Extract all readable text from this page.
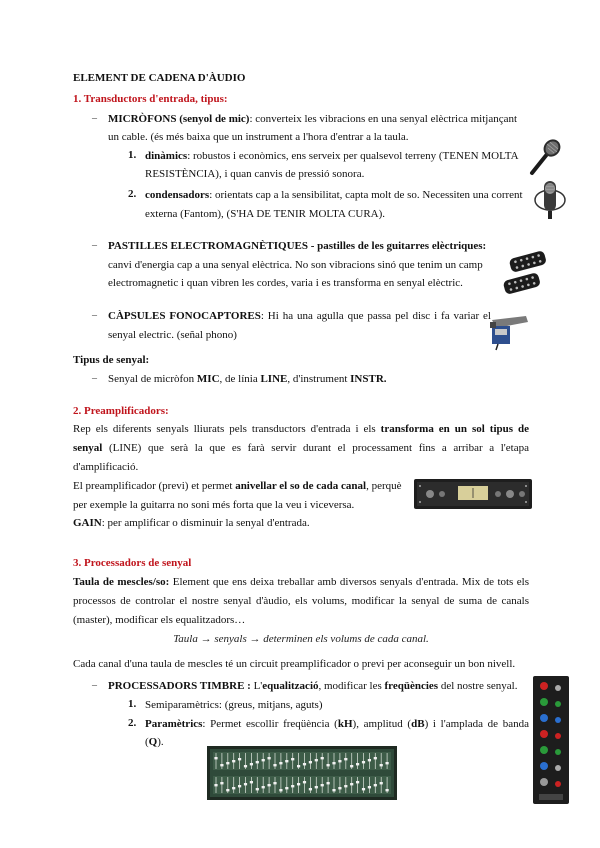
ELEMENT DE CADENA D'ÀUDIO
1. Transductors d'entrada, tipus:
– MICRÒFONS (senyol de mic): converteix les vibracions en una senyal elèctrica mitjançant
un cable. (és més baixa que un instrument a l'hora d'entrar a la taula.
1. dinàmics: robustos i econòmics, ens serveix per qualsevol terreny (TENEN MOLTA
RESISTÈNCIA), i quan canvis de pressió sonora.
2. condensadors: orientats cap a la sensibilitat, capta molt de so. Necessiten una corrent
externa (Fantom), (S'HA DE TENIR MOLTA CURA).
– PASTILLES ELECTROMAGNÈTIQUES - pastilles de les guitarres elèctriques:
canvi d'energia cap a una senyal elèctrica. No son vibracions sinó que tenim un camp
electromagnetic i quan vibren les cordes, varia i es transforma en senyal elèctric.
– CÀPSULES FONOCAPTORES: Hi ha una agulla que passa pel disc i fa variar el
senyal electric. (señal phono)
Tipus de senyal:
– Senyal de micròfon MIC, de línia LINE, d'instrument INSTR.
2. Preamplificadors:
Rep els diferents senyals lliurats pels transductors d'entrada i els transforma en un sol tipus de
senyal (LINE) que serà la que es farà servir durant el processament fins a arribar a l'etapa
d'amplificació.
El preamplificador (previ) et permet anivellar el so de cada canal, perquè
per exemple la guitarra no soni més forta que la veu i viceversa.
GAIN: per amplificar o disminuir la senyal d'entrada.
3. Processadors de senyal
Taula de mescles/so: Element que ens deixa treballar amb diversos senyals d'entrada. Mix de tots els
processos de controlar el nostre senyal d'àudio, els volums, modificar la senyal de suma de canals
(master), modificar els equalitzadors…
Taula → senyals → determinen els volums de cada canal.
Cada canal d'una taula de mescles té un circuit preamplificador o previ per aconseguir un bon nivell.
– PROCESSADORS TIMBRE : L'equalització, modificar les freqüències del nostre senyal.
1. Semiparamètrics: (greus, mitjans, aguts)
2. Paramètrics: Permet escollir freqüència (kH), amplitud (dB) i l'amplada de banda
(Q).
